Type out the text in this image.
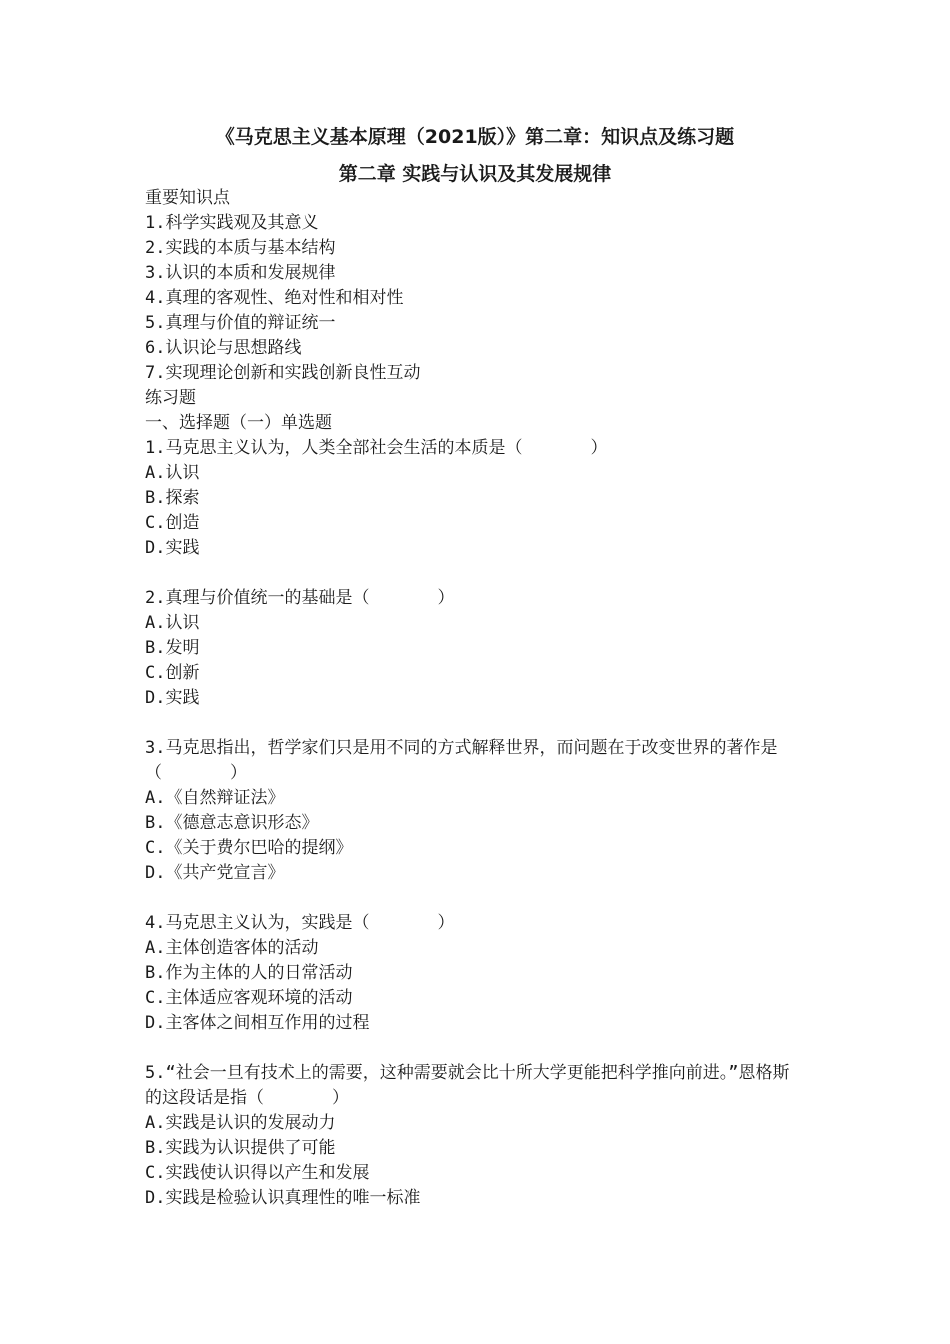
《马克思主义基本原理（2021版）》第二章：知识点及练习题
第二章 实践与认识及其发展规律

重要知识点

1.科学实践观及其意义

2.实践的本质与基本结构

3.认识的本质和发展规律

4.真理的客观性、绝对性和相对性

5.真理与价值的辩证统一

6.认识论与思想路线

7.实现理论创新和实践创新良性互动

练习题

一、选择题（一）单选题

1.马克思主义认为，人类全部社会生活的本质是（　　　　）

A.认识

B.探索

C.创造

D.实践

2.真理与价值统一的基础是（　　　　）

A.认识

B.发明

C.创新

D.实践

3.马克思指出，哲学家们只是用不同的方式解释世界，而问题在于改变世界的著作是（　　　　）

A.《自然辩证法》

B.《德意志意识形态》

C.《关于费尔巴哈的提纲》

D.《共产党宣言》

4.马克思主义认为，实践是（　　　　）

A.主体创造客体的活动

B.作为主体的人的日常活动

C.主体适应客观环境的活动

D.主客体之间相互作用的过程

5.“社会一旦有技术上的需要，这种需要就会比十所大学更能把科学推向前进。”恩格斯的这段话是指（　　　　）

A.实践是认识的发展动力

B.实践为认识提供了可能

C.实践使认识得以产生和发展

D.实践是检验认识真理性的唯一标准
